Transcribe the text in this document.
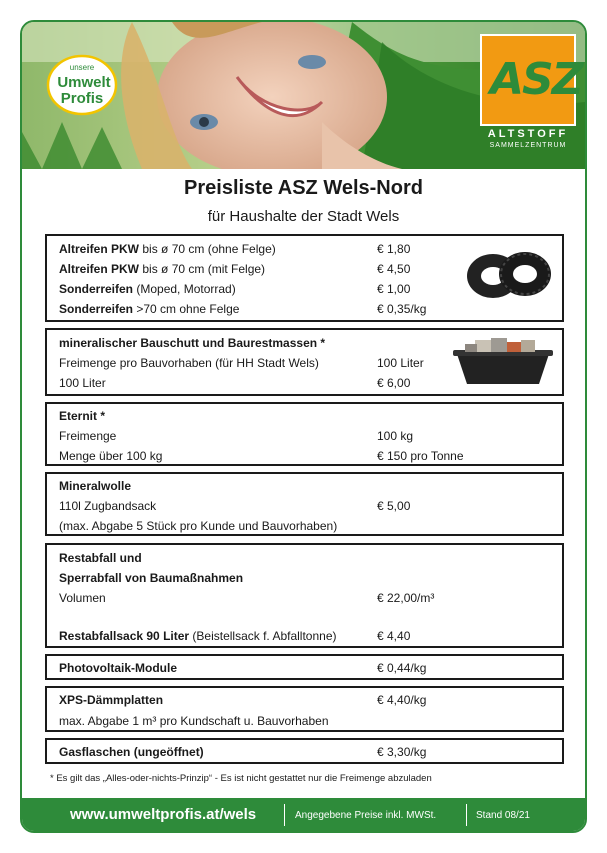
unsere
Umwelt
Profis	ASZ
ALTSTOFF
SAMMELZENTRUM
Preisliste ASZ Wels-Nord
für Haushalte der Stadt Wels
Altreifen PKW bis ø 70 cm (ohne Felge)	€ 1,80
Altreifen PKW bis ø 70 cm (mit Felge)	€ 4,50
Sonderreifen (Moped, Motorrad)	€ 1,00
Sonderreifen >70 cm ohne Felge	€ 0,35/kg
mineralischer Bauschutt und Baurestmassen *
Freimenge pro Bauvorhaben (für HH Stadt Wels)	100 Liter
100 Liter	€ 6,00
Eternit *
Freimenge	100 kg
Menge über 100 kg	€ 150 pro Tonne
Mineralwolle
110l Zugbandsack	€ 5,00
(max. Abgabe 5 Stück pro Kunde und Bauvorhaben)
Restabfall und
Sperrabfall von Baumaßnahmen
Volumen	€ 22,00/m³
Restabfallsack 90 Liter (Beistellsack f. Abfalltonne)	€ 4,40
Photovoltaik-Module	€ 0,44/kg
XPS-Dämmplatten	€ 4,40/kg
max. Abgabe 1 m³ pro Kundschaft u. Bauvorhaben
Gasflaschen (ungeöffnet)	€ 3,30/kg
* Es gilt das „Alles-oder-nichts-Prinzip“ - Es ist nicht gestattet nur die Freimenge abzuladen
www.umweltprofis.at/wels	Angegebene Preise inkl. MWSt.	Stand 08/21
